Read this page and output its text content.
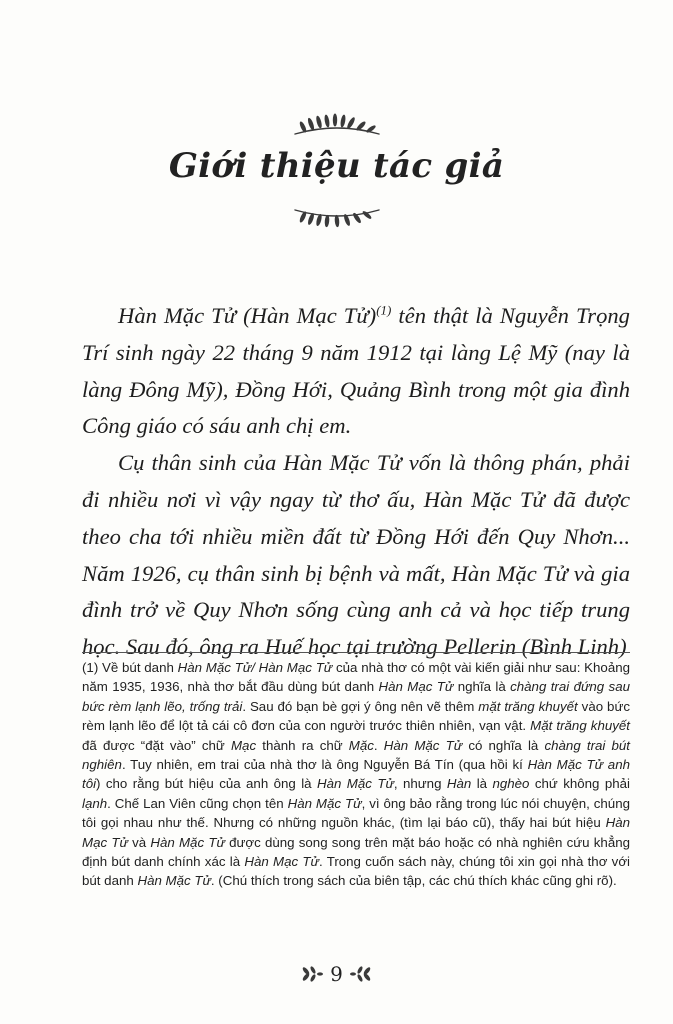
Giới thiệu tác giả

Hàn Mặc Tử (Hàn Mạc Tử)$^{(1)}$ tên thật là Nguyễn Trọng Trí sinh ngày 22 tháng 9 năm 1912 tại làng Lệ Mỹ (nay là làng Đông Mỹ), Đồng Hới, Quảng Bình trong một gia đình Công giáo có sáu anh chị em.

Cụ thân sinh của Hàn Mặc Tử vốn là thông phán, phải đi nhiều nơi vì vậy ngay từ thơ ấu, Hàn Mặc Tử đã được theo cha tới nhiều miền đất từ Đồng Hới đến Quy Nhơn... Năm 1926, cụ thân sinh bị bệnh và mất, Hàn Mặc Tử và gia đình trở về Quy Nhơn sống cùng anh cả và học tiếp trung học. Sau đó, ông ra Huế học tại trường Pellerin (Bình Linh)

(1) Về bút danh Hàn Mặc Tử/ Hàn Mạc Tử của nhà thơ có một vài kiến giải như sau: Khoảng năm 1935, 1936, nhà thơ bắt đầu dùng bút danh Hàn Mạc Tử nghĩa là chàng trai đứng sau bức rèm lạnh lẽo, trống trải. Sau đó bạn bè gợi ý ông nên vẽ thêm mặt trăng khuyết vào bức rèm lạnh lẽo để lột tả cái cô đơn của con người trước thiên nhiên, vạn vật. Mặt trăng khuyết đã được “đặt vào” chữ Mạc thành ra chữ Mặc. Hàn Mặc Tử có nghĩa là chàng trai bút nghiên. Tuy nhiên, em trai của nhà thơ là ông Nguyễn Bá Tín (qua hồi kí Hàn Mặc Tử anh tôi) cho rằng bút hiệu của anh ông là Hàn Mặc Tử, nhưng Hàn là nghèo chứ không phải lạnh. Chế Lan Viên cũng chọn tên Hàn Mặc Tử, vì ông bảo rằng trong lúc nói chuyện, chúng tôi gọi nhau như thế. Nhưng có những nguồn khác, (tìm lại báo cũ), thấy hai bút hiệu Hàn Mạc Tử và Hàn Mặc Tử được dùng song song trên mặt báo hoặc có nhà nghiên cứu khẳng định bút danh chính xác là Hàn Mạc Tử. Trong cuốn sách này, chúng tôi xin gọi nhà thơ với bút danh Hàn Mặc Tử. (Chú thích trong sách của biên tập, các chú thích khác cũng ghi rõ).

9
